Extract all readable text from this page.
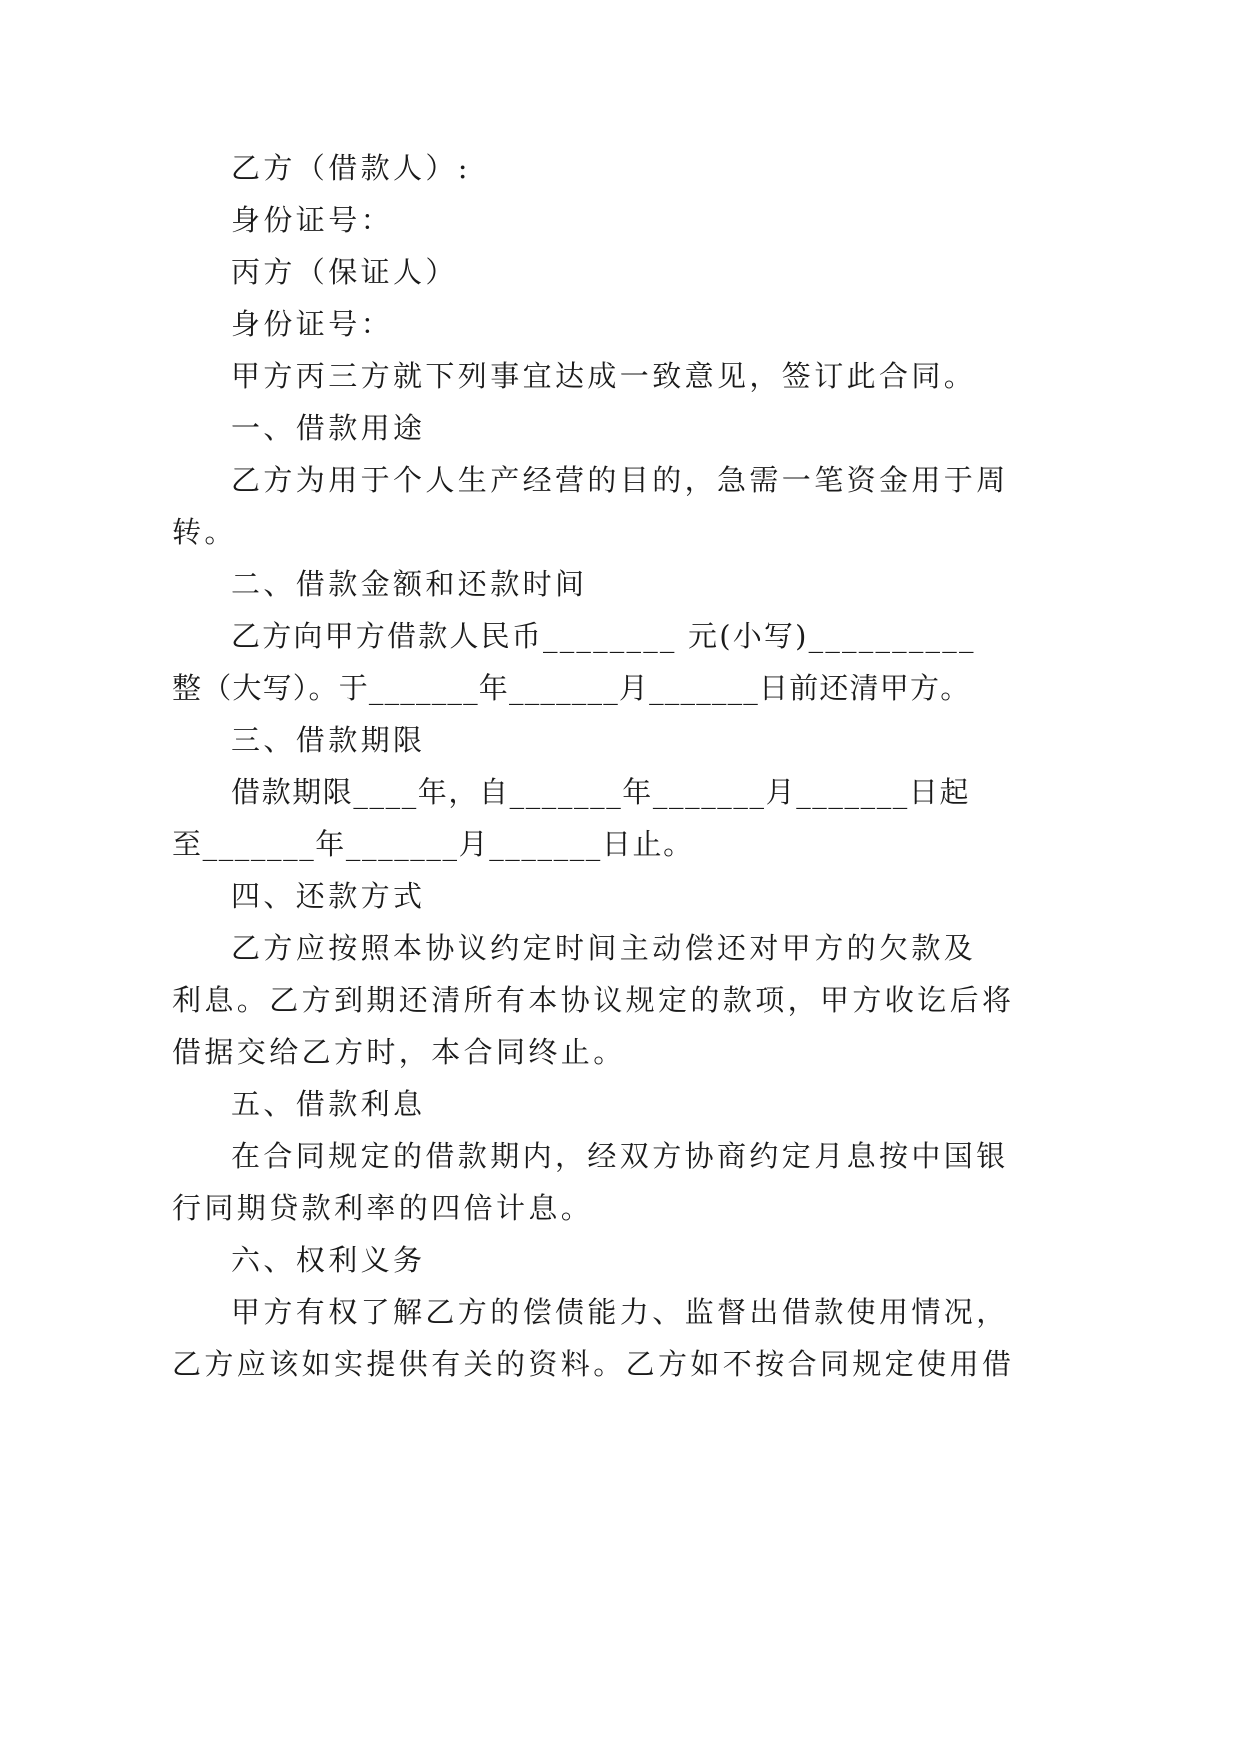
乙方（借款人）:

身份证号：

丙方（保证人）

身份证号：

甲方丙三方就下列事宜达成一致意见，签订此合同。

一、借款用途

乙方为用于个人生产经营的目的，急需一笔资金用于周

转。

二、借款金额和还款时间

乙方向甲方借款人民币________ 元(小写)__________

整（大写）。于_______年_______月_______日前还清甲方。

三、借款期限

借款期限____年，自_______年_______月_______日起

至_______年_______月_______日止。

四、还款方式

乙方应按照本协议约定时间主动偿还对甲方的欠款及

利息。乙方到期还清所有本协议规定的款项，甲方收讫后将

借据交给乙方时，本合同终止。

五、借款利息

在合同规定的借款期内，经双方协商约定月息按中国银

行同期贷款利率的四倍计息。

六、权利义务

甲方有权了解乙方的偿债能力、监督出借款使用情况，

乙方应该如实提供有关的资料。乙方如不按合同规定使用借
